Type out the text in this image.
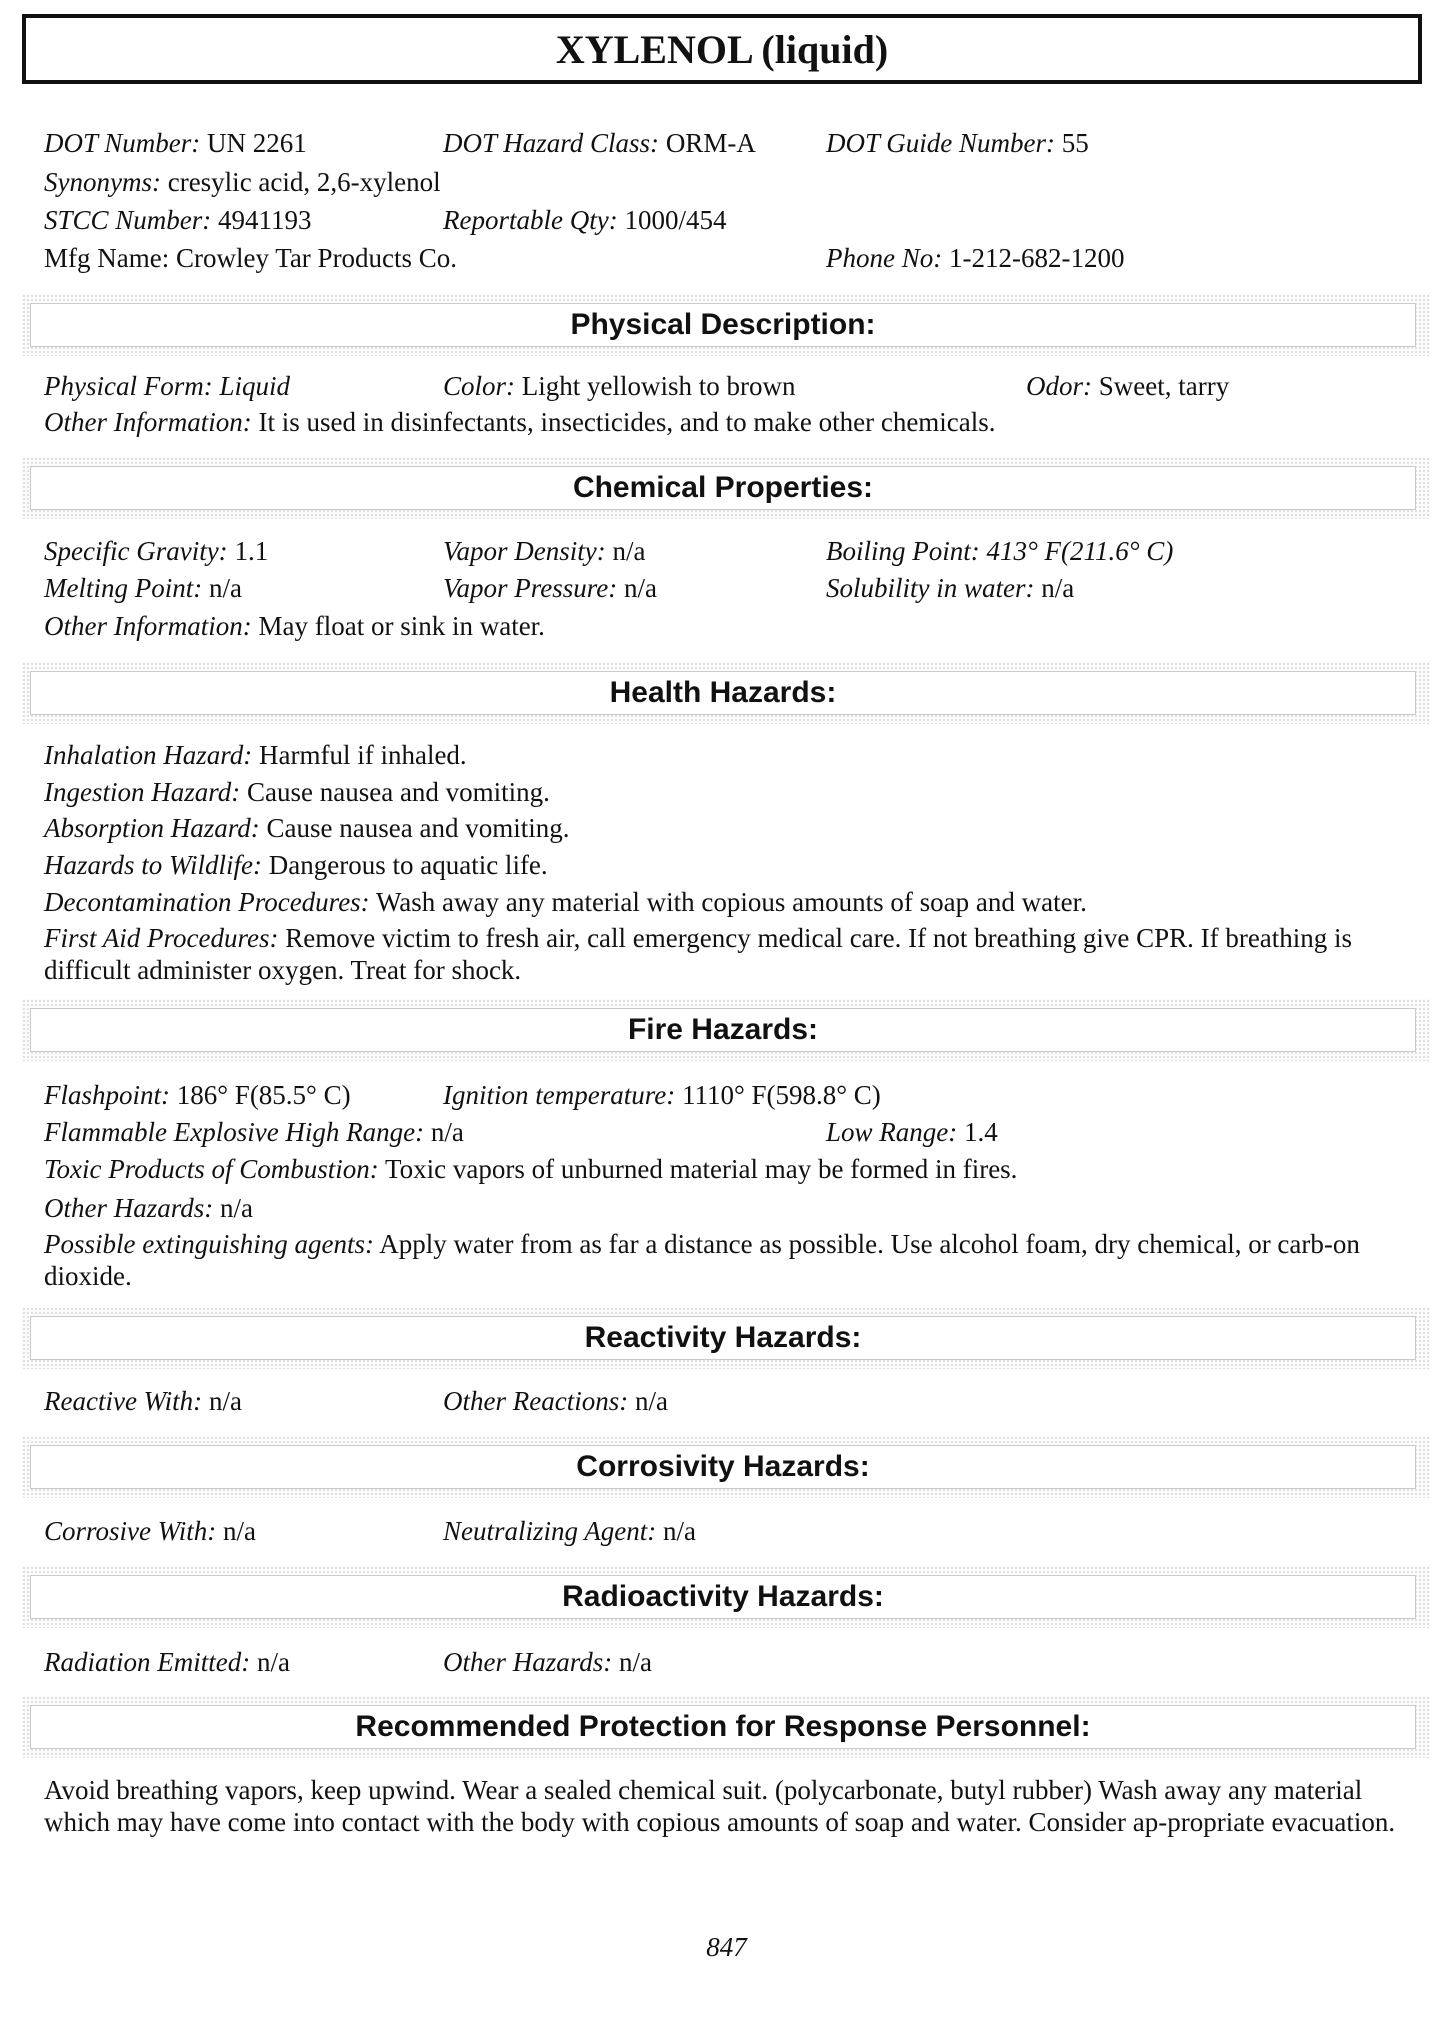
XYLENOL (liquid)
DOT Number: UN 2261	DOT Hazard Class: ORM-A	DOT Guide Number: 55
Synonyms: cresylic acid, 2,6-xylenol
STCC Number: 4941193	Reportable Qty: 1000/454
Mfg Name: Crowley Tar Products Co.	Phone No: 1-212-682-1200
Physical Description:
Physical Form: Liquid	Color: Light yellowish to brown	Odor: Sweet, tarry
Other Information: It is used in disinfectants, insecticides, and to make other chemicals.
Chemical Properties:
Specific Gravity: 1.1	Vapor Density: n/a	Boiling Point: 413° F(211.6° C)
Melting Point: n/a	Vapor Pressure: n/a	Solubility in water: n/a
Other Information: May float or sink in water.
Health Hazards:
Inhalation Hazard: Harmful if inhaled.
Ingestion Hazard: Cause nausea and vomiting.
Absorption Hazard: Cause nausea and vomiting.
Hazards to Wildlife: Dangerous to aquatic life.
Decontamination Procedures: Wash away any material with copious amounts of soap and water.
First Aid Procedures: Remove victim to fresh air, call emergency medical care. If not breathing give CPR. If breathing is difficult administer oxygen. Treat for shock.
Fire Hazards:
Flashpoint: 186° F(85.5° C)	Ignition temperature: 1110° F(598.8° C)
Flammable Explosive High Range: n/a	Low Range: 1.4
Toxic Products of Combustion: Toxic vapors of unburned material may be formed in fires.
Other Hazards: n/a
Possible extinguishing agents: Apply water from as far a distance as possible. Use alcohol foam, dry chemical, or carb-on dioxide.
Reactivity Hazards:
Reactive With: n/a	Other Reactions: n/a
Corrosivity Hazards:
Corrosive With: n/a	Neutralizing Agent: n/a
Radioactivity Hazards:
Radiation Emitted: n/a	Other Hazards: n/a
Recommended Protection for Response Personnel:
Avoid breathing vapors, keep upwind. Wear a sealed chemical suit. (polycarbonate, butyl rubber) Wash away any material which may have come into contact with the body with copious amounts of soap and water. Consider ap-propriate evacuation.
847
